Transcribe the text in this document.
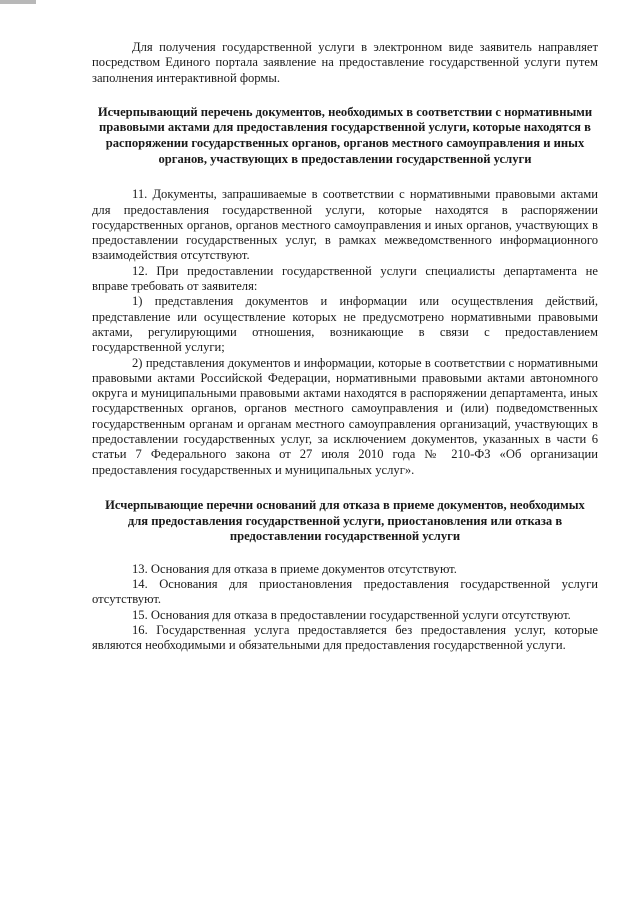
Для получения государственной услуги в электронном виде заявитель направляет посредством Единого портала заявление на предоставление государственной услуги путем заполнения интерактивной формы.

Исчерпывающий перечень документов, необходимых в соответствии с нормативными правовыми актами для предоставления государственной услуги, которые находятся в распоряжении государственных органов, органов местного самоуправления и иных органов, участвующих в предоставлении государственной услуги

11. Документы, запрашиваемые в соответствии с нормативными правовыми актами для предоставления государственной услуги, которые находятся в распоряжении государственных органов, органов местного самоуправления и иных органов, участвующих в предоставлении государственных услуг, в рамках межведомственного информационного взаимодействия отсутствуют.

12. При предоставлении государственной услуги специалисты департамента не вправе требовать от заявителя:

1) представления документов и информации или осуществления действий, представление или осуществление которых не предусмотрено нормативными правовыми актами, регулирующими отношения, возникающие в связи с предоставлением государственной услуги;

2) представления документов и информации, которые в соответствии с нормативными правовыми актами Российской Федерации, нормативными правовыми актами автономного округа и муниципальными правовыми актами находятся в распоряжении департамента, иных государственных органов, органов местного самоуправления и (или) подведомственных государственным органам и органам местного самоуправления организаций, участвующих в предоставлении государственных услуг, за исключением документов, указанных в части 6 статьи 7 Федерального закона от 27 июля 2010 года № 210-ФЗ «Об организации предоставления государственных и муниципальных услуг».

Исчерпывающие перечни оснований для отказа в приеме документов, необходимых для предоставления государственной услуги, приостановления или отказа в предоставлении государственной услуги

13. Основания для отказа в приеме документов отсутствуют.

14. Основания для приостановления предоставления государственной услуги отсутствуют.

15. Основания для отказа в предоставлении государственной услуги отсутствуют.

16. Государственная услуга предоставляется без предоставления услуг, которые являются необходимыми и обязательными для предоставления государственной услуги.
